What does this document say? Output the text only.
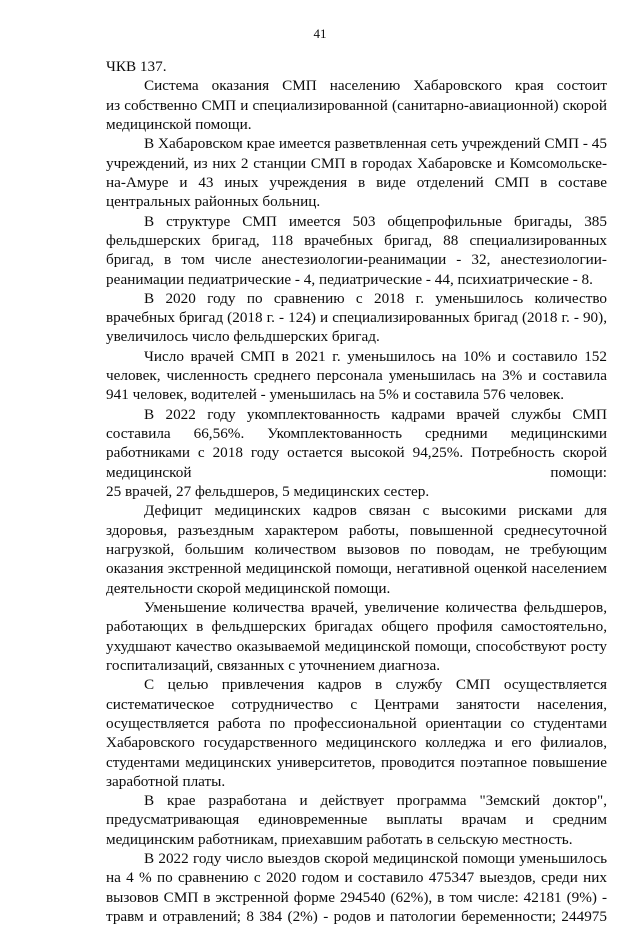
41
ЧКВ 137.
Система оказания СМП населению Хабаровского края состоит
из собственно СМП и специализированной (санитарно-авиационной) скорой
медицинской помощи.
В Хабаровском крае имеется разветвленная сеть учреждений СМП - 45
учреждений, из них 2 станции СМП в городах Хабаровске и Комсомольске-
на-Амуре и 43 иных учреждения в виде отделений СМП в составе
центральных районных больниц.
В структуре СМП имеется 503 общепрофильные бригады, 385
фельдшерских бригад, 118 врачебных бригад, 88 специализированных
бригад, в том числе анестезиологии-реанимации - 32, анестезиологии-
реанимации педиатрические - 4, педиатрические - 44, психиатрические - 8.
В 2020 году по сравнению с 2018 г. уменьшилось количество
врачебных бригад (2018 г. - 124) и специализированных бригад (2018 г. - 90),
увеличилось число фельдшерских бригад.
Число врачей СМП в 2021 г. уменьшилось на 10% и составило 152
человек, численность среднего персонала уменьшилась на 3% и составила
941 человек, водителей - уменьшилась на 5% и составила 576 человек.
В 2022 году укомплектованность кадрами врачей службы СМП
составила 66,56%. Укомплектованность средними медицинскими
работниками с 2018 году остается высокой 94,25%. Потребность скорой
медицинской	помощи:
25 врачей, 27 фельдшеров, 5 медицинских сестер.
Дефицит медицинских кадров связан с высокими рисками для
здоровья, разъездным характером работы, повышенной среднесуточной
нагрузкой, большим количеством вызовов по поводам, не требующим
оказания экстренной медицинской помощи, негативной оценкой населением
деятельности скорой медицинской помощи.
Уменьшение количества врачей, увеличение количества фельдшеров,
работающих в фельдшерских бригадах общего профиля самостоятельно,
ухудшают качество оказываемой медицинской помощи, способствуют росту
госпитализаций, связанных с уточнением диагноза.
С целью привлечения кадров в службу СМП осуществляется
систематическое сотрудничество с Центрами занятости населения,
осуществляется работа по профессиональной ориентации со студентами
Хабаровского государственного медицинского колледжа и его филиалов,
студентами медицинских университетов, проводится поэтапное повышение
заработной платы.
В крае разработана и действует программа "Земский доктор",
предусматривающая единовременные выплаты врачам и средним
медицинским работникам, приехавшим работать в сельскую местность.
В 2022 году число выездов скорой медицинской помощи уменьшилось
на 4 % по сравнению с 2020 годом и составило 475347 выездов, среди них
вызовов СМП в экстренной форме 294540 (62%), в том числе: 42181 (9%) -
травм и отравлений; 8 384 (2%) - родов и патологии беременности; 244975
